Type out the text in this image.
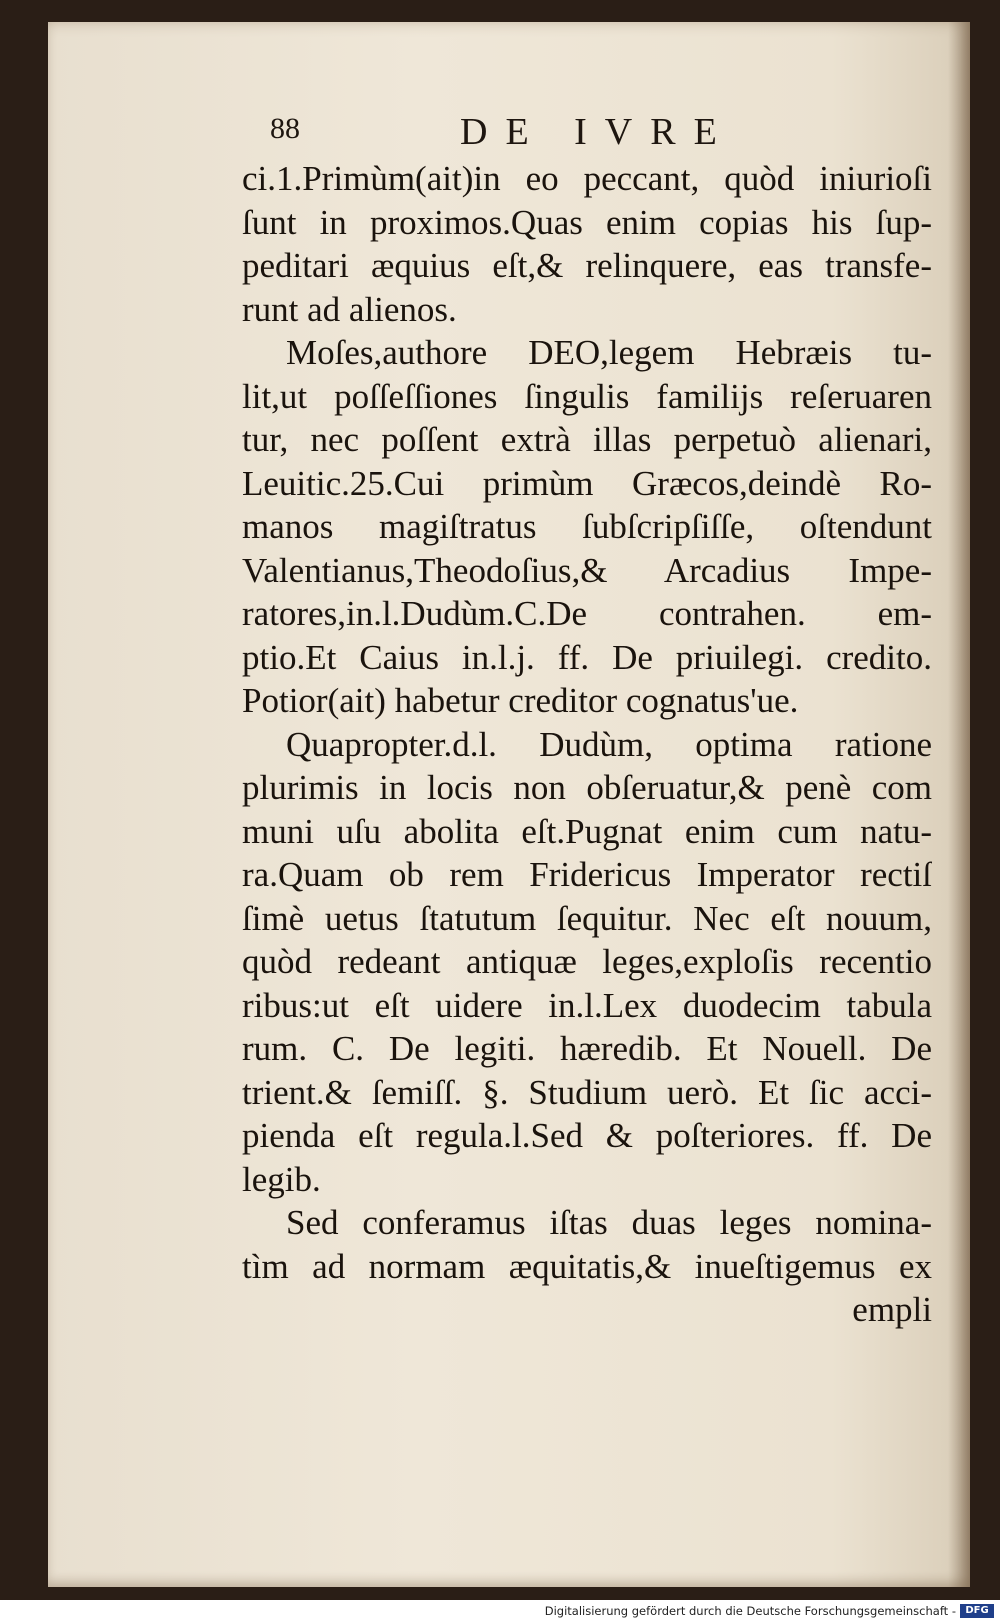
88	DE IVRE
ci.1.Primùm(ait)in eo peccant, quòd iniurioſi
ſunt in proximos.Quas enim copias his ſup-
peditari æquius eſt,& relinquere, eas transfe-
runt ad alienos.
Moſes,authore DEO,legem Hebræis tu-
lit,ut poſſeſſiones ſingulis familijs reſeruaren
tur, nec poſſent extrà illas perpetuò alienari,
Leuitic.25.Cui primùm Græcos,deindè Ro-
manos magiſtratus ſubſcripſiſſe, oſtendunt
Valentianus,Theodoſius,& Arcadius Impe-
ratores,in.l.Dudùm.C.De contrahen. em-
ptio.Et Caius in.l.j. ff. De priuilegi. credito.
Potior(ait) habetur creditor cognatus'ue.
Quapropter.d.l. Dudùm, optima ratione
plurimis in locis non obſeruatur,& penè com
muni uſu abolita eſt.Pugnat enim cum natu-
ra.Quam ob rem Fridericus Imperator rectiſ
ſimè uetus ſtatutum ſequitur. Nec eſt nouum,
quòd redeant antiquæ leges,exploſis recentio
ribus:ut eſt uidere in.l.Lex duodecim tabula
rum. C. De legiti. hæredib. Et Nouell. De
trient.& ſemiſſ. §. Studium uerò. Et ſic acci-
pienda eſt regula.l.Sed & poſteriores. ff. De
legib.
Sed conferamus iſtas duas leges nomina-
tìm ad normam æquitatis,& inueſtigemus ex
empli
Digitalisierung gefördert durch die Deutsche Forschungsgemeinschaft - DFG
